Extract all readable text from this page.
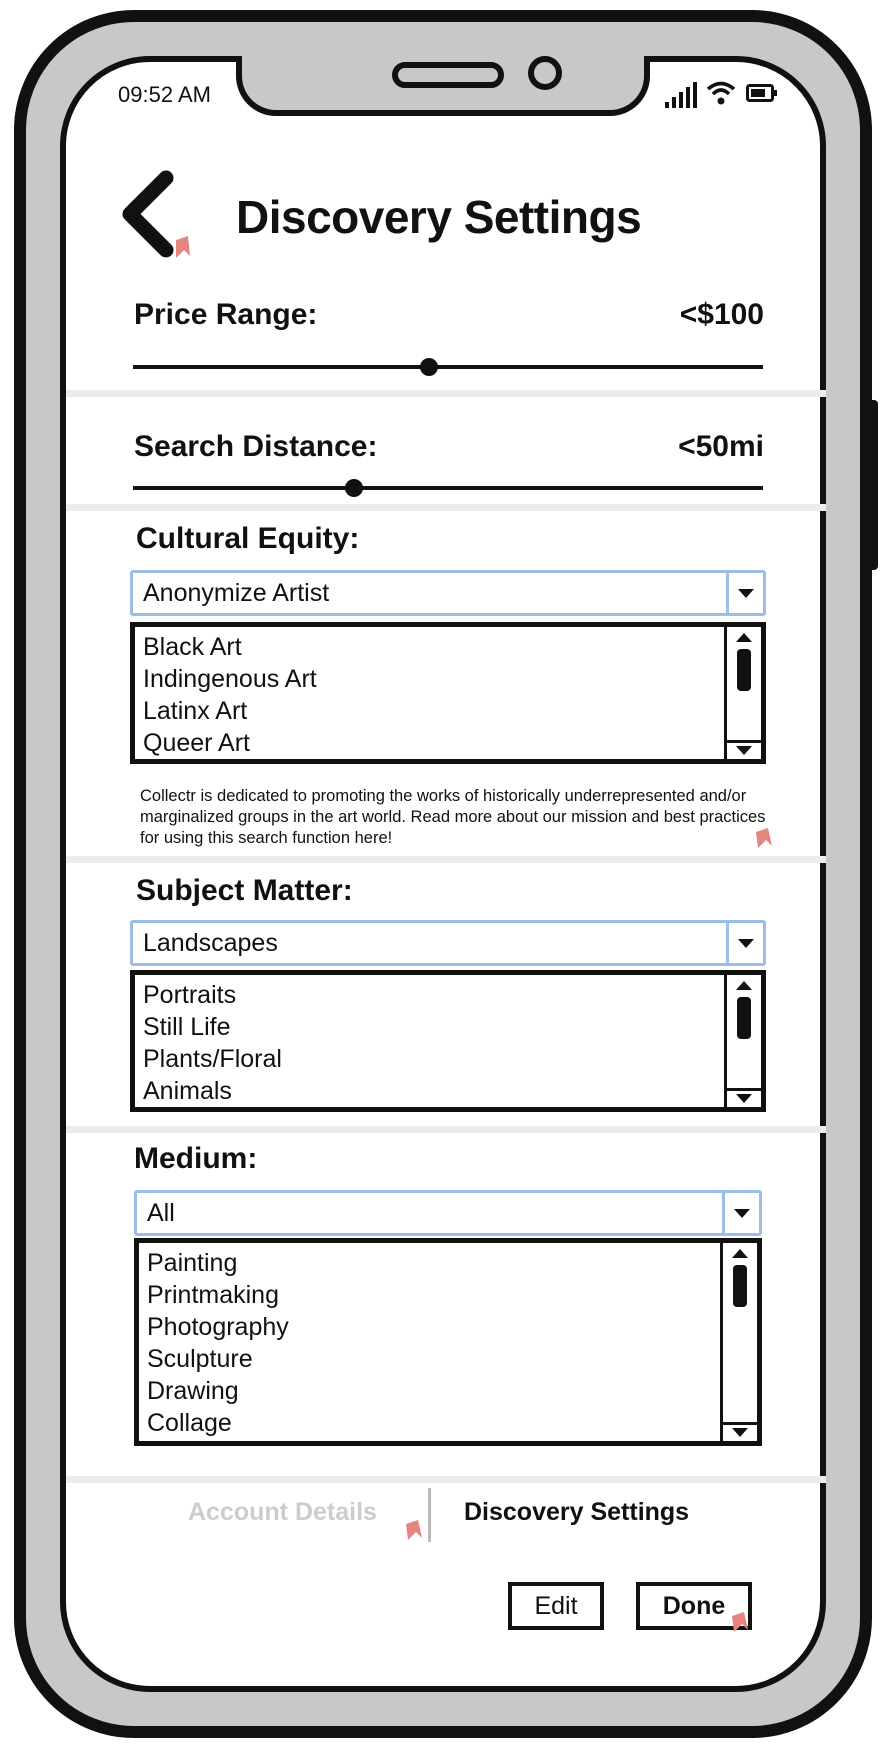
09:52 AM
Discovery Settings
Price Range:	<$100
Search Distance:	<50mi
Cultural Equity:
Anonymize Artist
Black Art
Indingenous Art
Latinx Art
Queer Art
Collectr is dedicated to promoting the works of historically underrepresented and/or marginalized groups in the art world. Read more about our mission and best practices for using this search function here!
Subject Matter:
Landscapes
Portraits
Still Life
Plants/Floral
Animals
Medium:
All
Painting
Printmaking
Photography
Sculpture
Drawing
Collage
Account Details	Discovery Settings
Edit	Done
